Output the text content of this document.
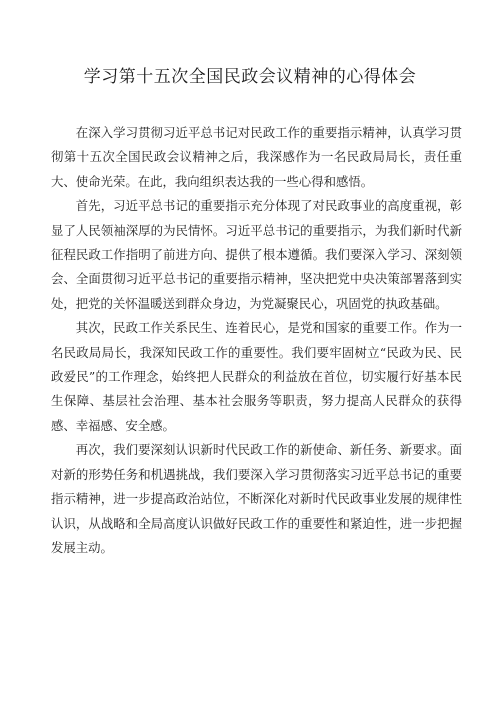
学习第十五次全国民政会议精神的心得体会

在深入学习贯彻习近平总书记对民政工作的重要指示精神，认真学习贯彻第十五次全国民政会议精神之后，我深感作为一名民政局局长，责任重大、使命光荣。在此，我向组织表达我的一些心得和感悟。

首先，习近平总书记的重要指示充分体现了对民政事业的高度重视，彰显了人民领袖深厚的为民情怀。习近平总书记的重要指示，为我们新时代新征程民政工作指明了前进方向、提供了根本遵循。我们要深入学习、深刻领会、全面贯彻习近平总书记的重要指示精神，坚决把党中央决策部署落到实处，把党的关怀温暖送到群众身边，为党凝聚民心，巩固党的执政基础。

其次，民政工作关系民生、连着民心，是党和国家的重要工作。作为一名民政局局长，我深知民政工作的重要性。我们要牢固树立“民政为民、民政爱民”的工作理念，始终把人民群众的利益放在首位，切实履行好基本民生保障、基层社会治理、基本社会服务等职责，努力提高人民群众的获得感、幸福感、安全感。

再次，我们要深刻认识新时代民政工作的新使命、新任务、新要求。面对新的形势任务和机遇挑战，我们要深入学习贯彻落实习近平总书记的重要指示精神，进一步提高政治站位，不断深化对新时代民政事业发展的规律性认识，从战略和全局高度认识做好民政工作的重要性和紧迫性，进一步把握发展主动。
